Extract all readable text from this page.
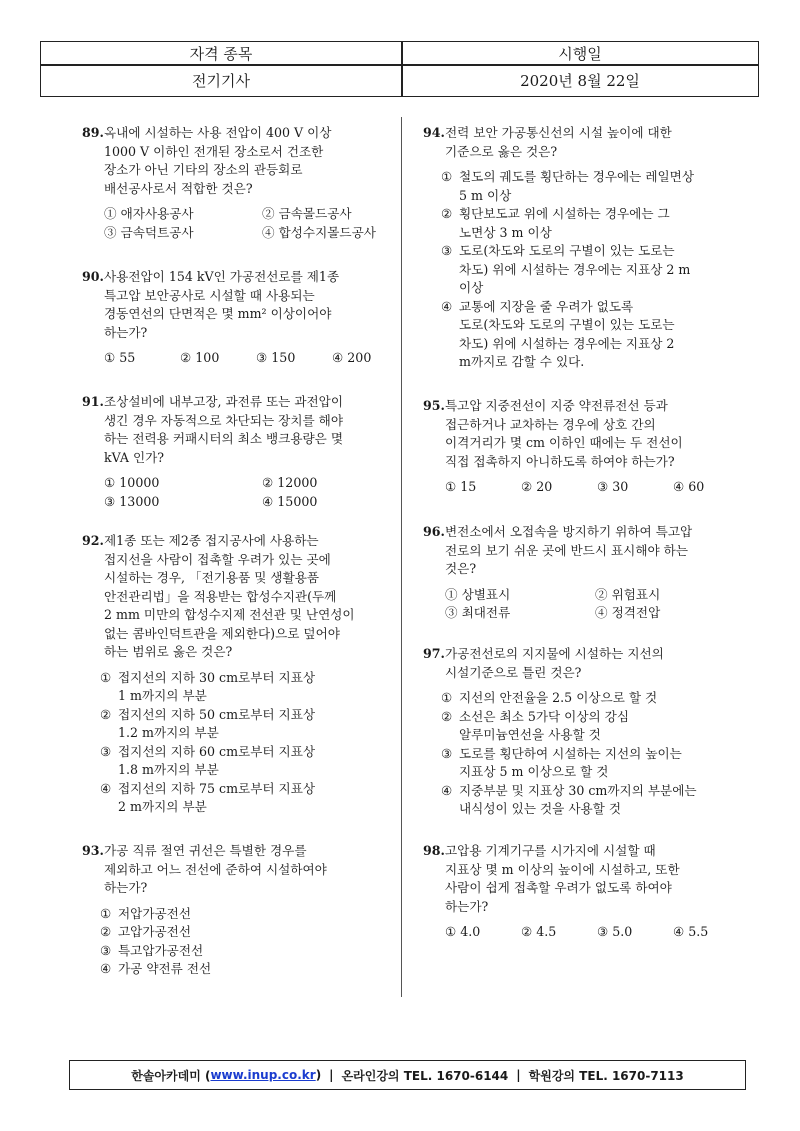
자격 종목	시행일
전기기사	2020년 8월 22일
89. 옥내에 시설하는 사용 전압이 400 V 이상
1000 V 이하인 전개된 장소로서 건조한
장소가 아닌 기타의 장소의 관등회로
배선공사로서 적합한 것은?
① 애자사용공사	② 금속몰드공사
③ 금속덕트공사	④ 합성수지몰드공사
90. 사용전압이 154 kV인 가공전선로를 제1종
특고압 보안공사로 시설할 때 사용되는
경동연선의 단면적은 몇 mm² 이상이어야
하는가?
① 55	② 100	③ 150	④ 200
91. 조상설비에 내부고장, 과전류 또는 과전압이
생긴 경우 자동적으로 차단되는 장치를 해야
하는 전력용 커패시터의 최소 뱅크용량은 몇
kVA 인가?
① 10000	② 12000
③ 13000	④ 15000
92. 제1종 또는 제2종 접지공사에 사용하는
접지선을 사람이 접촉할 우려가 있는 곳에
시설하는 경우, 「전기용품 및 생활용품
안전관리법」을 적용받는 합성수지관(두께
2 mm 미만의 합성수지제 전선관 및 난연성이
없는 콤바인덕트관을 제외한다)으로 덮어야
하는 범위로 옳은 것은?
① 접지선의 지하 30 cm로부터 지표상
1 m까지의 부분
② 접지선의 지하 50 cm로부터 지표상
1.2 m까지의 부분
③ 접지선의 지하 60 cm로부터 지표상
1.8 m까지의 부분
④ 접지선의 지하 75 cm로부터 지표상
2 m까지의 부분
93. 가공 직류 절연 귀선은 특별한 경우를
제외하고 어느 전선에 준하여 시설하여야
하는가?
① 저압가공전선
② 고압가공전선
③ 특고압가공전선
④ 가공 약전류 전선
94. 전력 보안 가공통신선의 시설 높이에 대한
기준으로 옳은 것은?
① 철도의 궤도를 횡단하는 경우에는 레일면상
5 m 이상
② 횡단보도교 위에 시설하는 경우에는 그
노면상 3 m 이상
③ 도로(차도와 도로의 구별이 있는 도로는
차도) 위에 시설하는 경우에는 지표상 2 m
이상
④ 교통에 지장을 줄 우려가 없도록
도로(차도와 도로의 구별이 있는 도로는
차도) 위에 시설하는 경우에는 지표상 2
m까지로 감할 수 있다.
95. 특고압 지중전선이 지중 약전류전선 등과
접근하거나 교차하는 경우에 상호 간의
이격거리가 몇 cm 이하인 때에는 두 전선이
직접 접촉하지 아니하도록 하여야 하는가?
① 15	② 20	③ 30	④ 60
96. 변전소에서 오접속을 방지하기 위하여 특고압
전로의 보기 쉬운 곳에 반드시 표시해야 하는
것은?
① 상별표시	② 위험표시
③ 최대전류	④ 정격전압
97. 가공전선로의 지지물에 시설하는 지선의
시설기준으로 틀린 것은?
① 지선의 안전율을 2.5 이상으로 할 것
② 소선은 최소 5가닥 이상의 강심
알루미늄연선을 사용할 것
③ 도로를 횡단하여 시설하는 지선의 높이는
지표상 5 m 이상으로 할 것
④ 지중부분 및 지표상 30 cm까지의 부분에는
내식성이 있는 것을 사용할 것
98. 고압용 기계기구를 시가지에 시설할 때
지표상 몇 m 이상의 높이에 시설하고, 또한
사람이 쉽게 접촉할 우려가 없도록 하여야
하는가?
① 4.0	② 4.5	③ 5.0	④ 5.5
한솔아카데미 ( www.inup.co.kr ) | 온라인강의 TEL. 1670-6144 | 학원강의 TEL. 1670-7113
